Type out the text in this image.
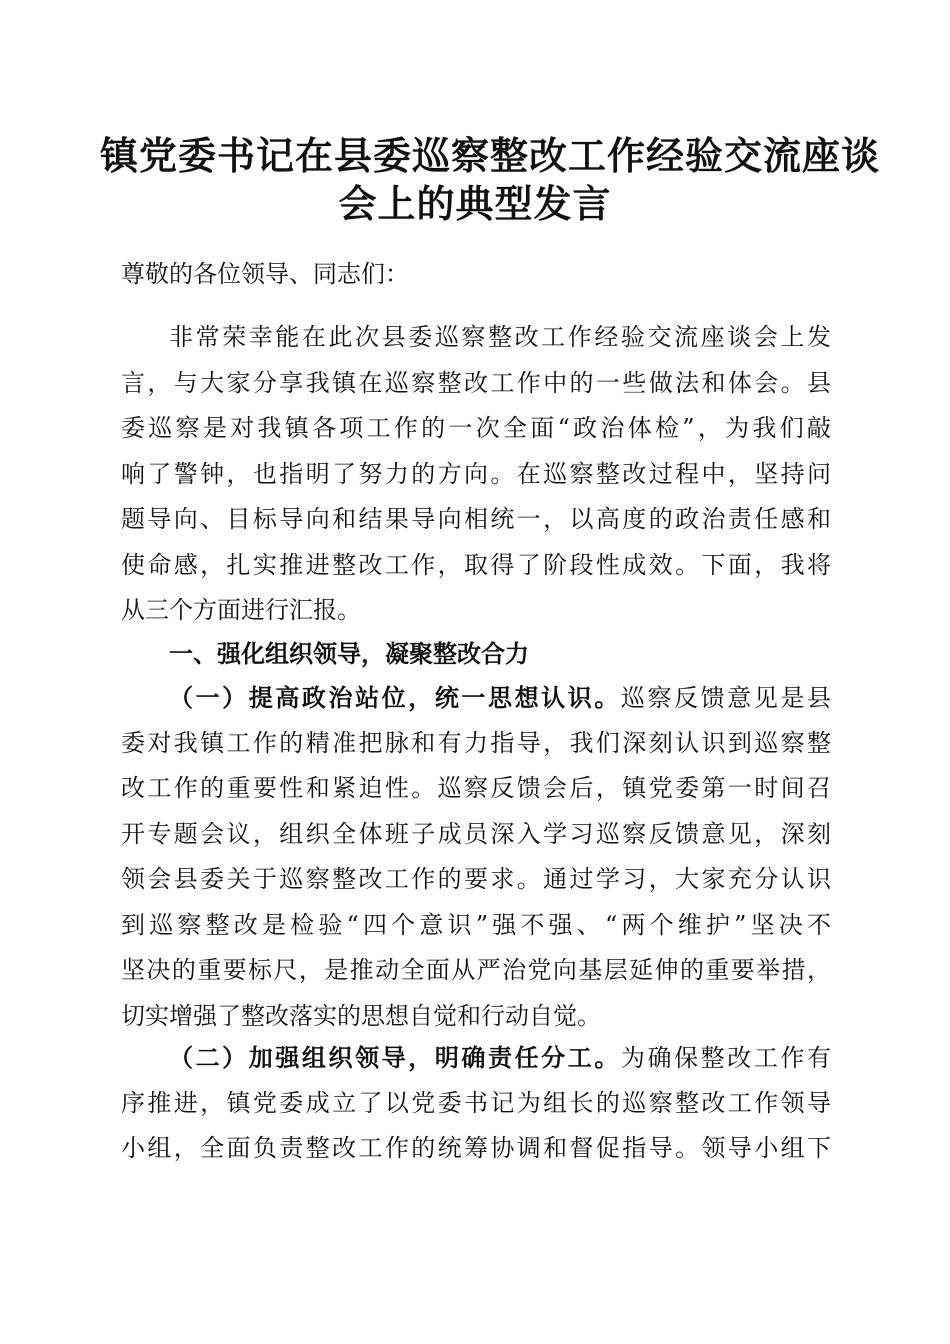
镇党委书记在县委巡察整改工作经验交流座谈
会上的典型发言
尊敬的各位领导、同志们：
非常荣幸能在此次县委巡察整改工作经验交流座谈会上发
言，与大家分享我镇在巡察整改工作中的一些做法和体会。县
委巡察是对我镇各项工作的一次全面“政治体检”，为我们敲
响了警钟，也指明了努力的方向。在巡察整改过程中，坚持问
题导向、目标导向和结果导向相统一，以高度的政治责任感和
使命感，扎实推进整改工作，取得了阶段性成效。下面，我将
从三个方面进行汇报。
一、强化组织领导，凝聚整改合力
（一）提高政治站位，统一思想认识。巡察反馈意见是县
委对我镇工作的精准把脉和有力指导，我们深刻认识到巡察整
改工作的重要性和紧迫性。巡察反馈会后，镇党委第一时间召
开专题会议，组织全体班子成员深入学习巡察反馈意见，深刻
领会县委关于巡察整改工作的要求。通过学习，大家充分认识
到巡察整改是检验“四个意识”强不强、“两个维护”坚决不
坚决的重要标尺，是推动全面从严治党向基层延伸的重要举措，
切实增强了整改落实的思想自觉和行动自觉。
（二）加强组织领导，明确责任分工。为确保整改工作有
序推进，镇党委成立了以党委书记为组长的巡察整改工作领导
小组，全面负责整改工作的统筹协调和督促指导。领导小组下
